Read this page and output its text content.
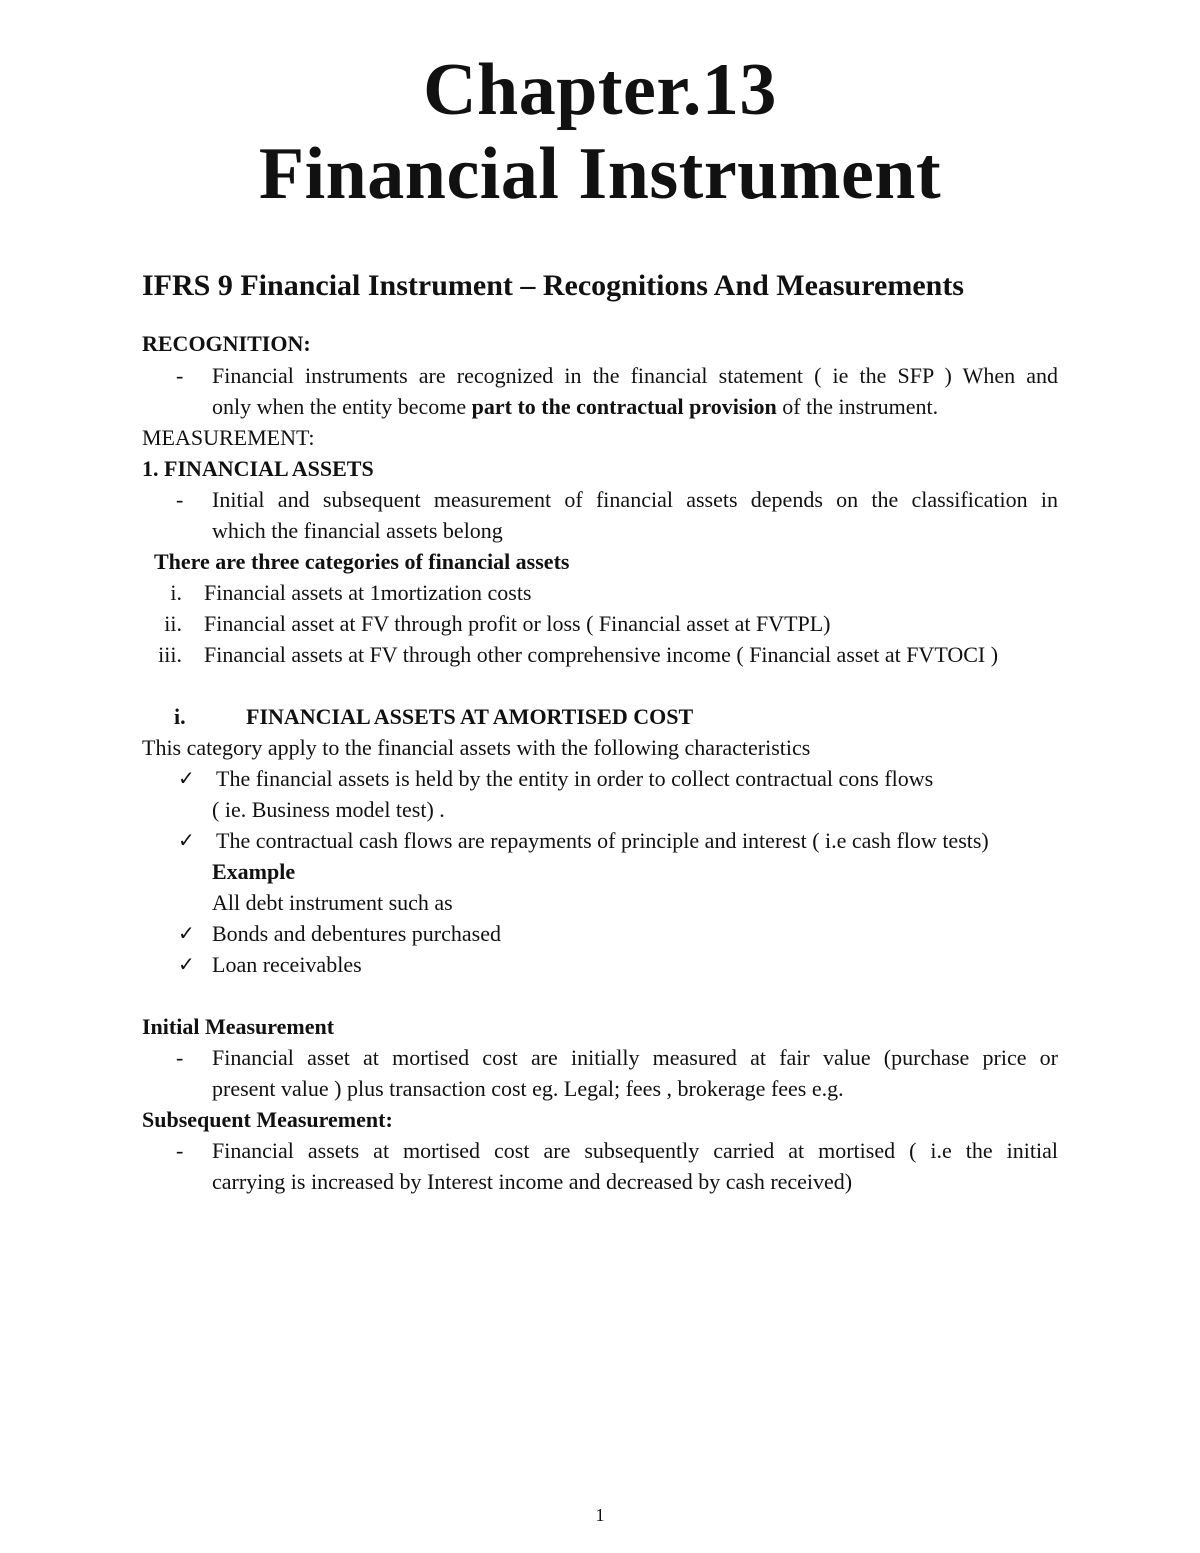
Chapter.13
Financial Instrument
IFRS 9 Financial Instrument – Recognitions And Measurements
RECOGNITION:
- Financial instruments are recognized in the financial statement ( ie the SFP ) When and
only when the entity become part to the contractual provision of the instrument.
MEASUREMENT:
1. FINANCIAL ASSETS
- Initial and subsequent measurement of financial assets depends on the classification in
which the financial assets belong
There are three categories of financial assets
i. Financial assets at 1mortization costs
ii. Financial asset at FV through profit or loss ( Financial asset at FVTPL)
iii. Financial assets at FV through other comprehensive income ( Financial asset at FVTOCI )
i.	FINANCIAL ASSETS AT AMORTISED COST
This category apply to the financial assets with the following characteristics
✓ The financial assets is held by the entity in order to collect contractual cons flows
( ie. Business model test) .
✓ The contractual cash flows are repayments of principle and interest ( i.e cash flow tests)
Example
All debt instrument such as
✓ Bonds and debentures purchased
✓ Loan receivables
Initial Measurement
- Financial asset at mortised cost are initially measured at fair value (purchase price or
present value ) plus transaction cost eg. Legal; fees , brokerage fees e.g.
Subsequent Measurement:
- Financial assets at mortised cost are subsequently carried at mortised ( i.e the initial
carrying is increased by Interest income and decreased by cash received)
1
